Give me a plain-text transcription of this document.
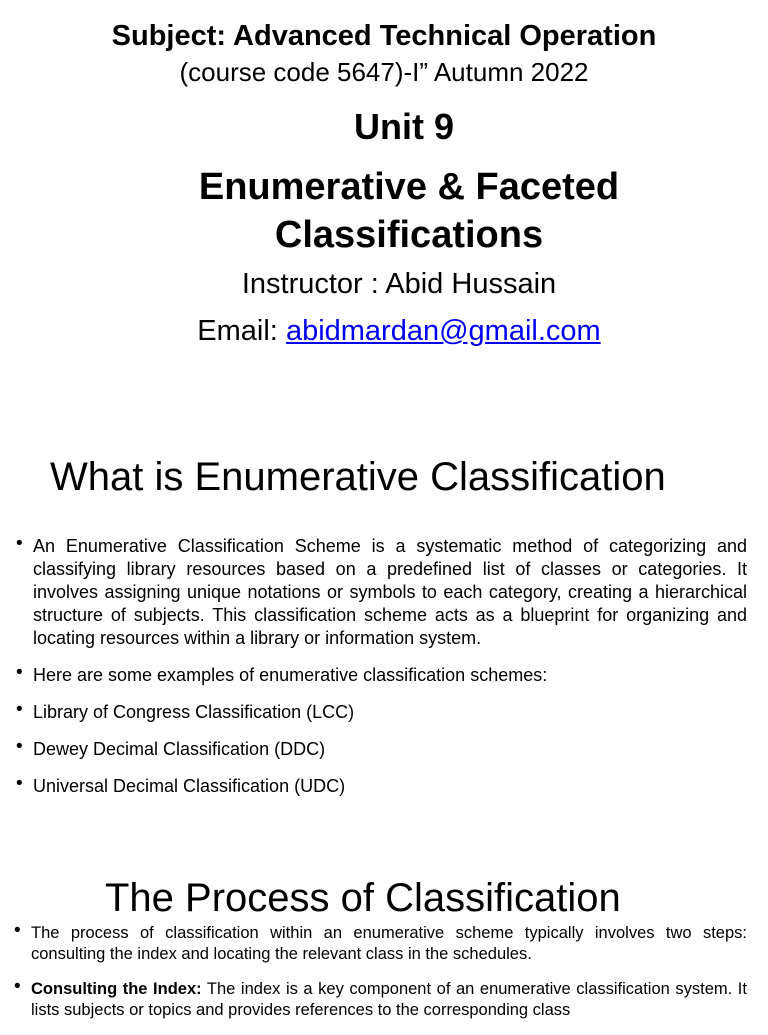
Subject: Advanced Technical Operation
(course code 5647)-I” Autumn 2022
Unit 9
Enumerative & Faceted
Classifications
Instructor : Abid Hussain
Email: abidmardan@gmail.com
What is Enumerative Classification
• An Enumerative Classification Scheme is a systematic method of categorizing and classifying library resources based on a predefined list of classes or categories. It involves assigning unique notations or symbols to each category, creating a hierarchical structure of subjects. This classification scheme acts as a blueprint for organizing and locating resources within a library or information system.
• Here are some examples of enumerative classification schemes:
• Library of Congress Classification (LCC)
• Dewey Decimal Classification (DDC)
• Universal Decimal Classification (UDC)
The Process of Classification
• The process of classification within an enumerative scheme typically involves two steps: consulting the index and locating the relevant class in the schedules.
• Consulting the Index: The index is a key component of an enumerative classification system. It lists subjects or topics and provides references to the corresponding class
